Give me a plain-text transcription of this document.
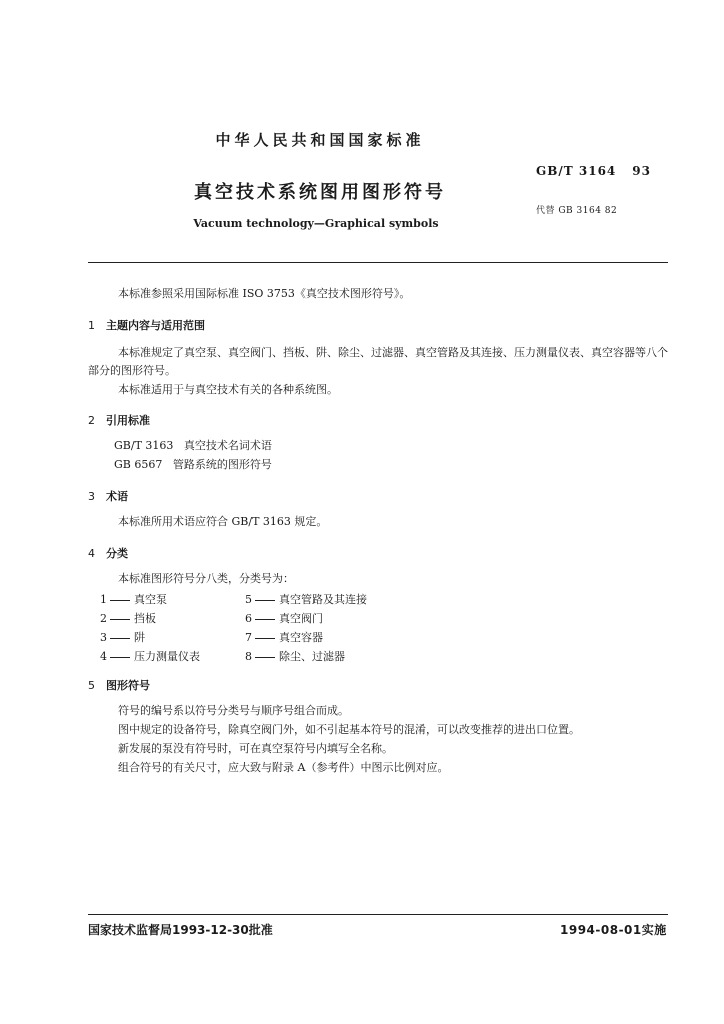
中华人民共和国国家标准
GB/T 3164 93
真空技术系统图用图形符号
代替 GB 3164 82
Vacuum technology—Graphical symbols
本标准参照采用国际标准 ISO 3753《真空技术图形符号》。
1 主题内容与适用范围
本标准规定了真空泵、真空阀门、挡板、阱、除尘、过滤器、真空管路及其连接、压力测量仪表、真空容器等八个部分的图形符号。
本标准适用于与真空技术有关的各种系统图。
2 引用标准
GB/T 3163   真空技术名词术语
GB 6567   管路系统的图形符号
3 术语
本标准所用术语应符合 GB/T 3163 规定。
4 分类
本标准图形符号分八类，分类号为：
1 真空泵	5 真空管路及其连接
2 挡板	6 真空阀门
3 阱	7 真空容器
4 压力测量仪表	8 除尘、过滤器
5 图形符号
符号的编号系以符号分类号与顺序号组合而成。
图中规定的设备符号，除真空阀门外，如不引起基本符号的混淆，可以改变推荐的进出口位置。
新发展的泵没有符号时，可在真空泵符号内填写全名称。
组合符号的有关尺寸，应大致与附录 A（参考件）中图示比例对应。
国家技术监督局1993-12-30批准	1994-08-01实施
